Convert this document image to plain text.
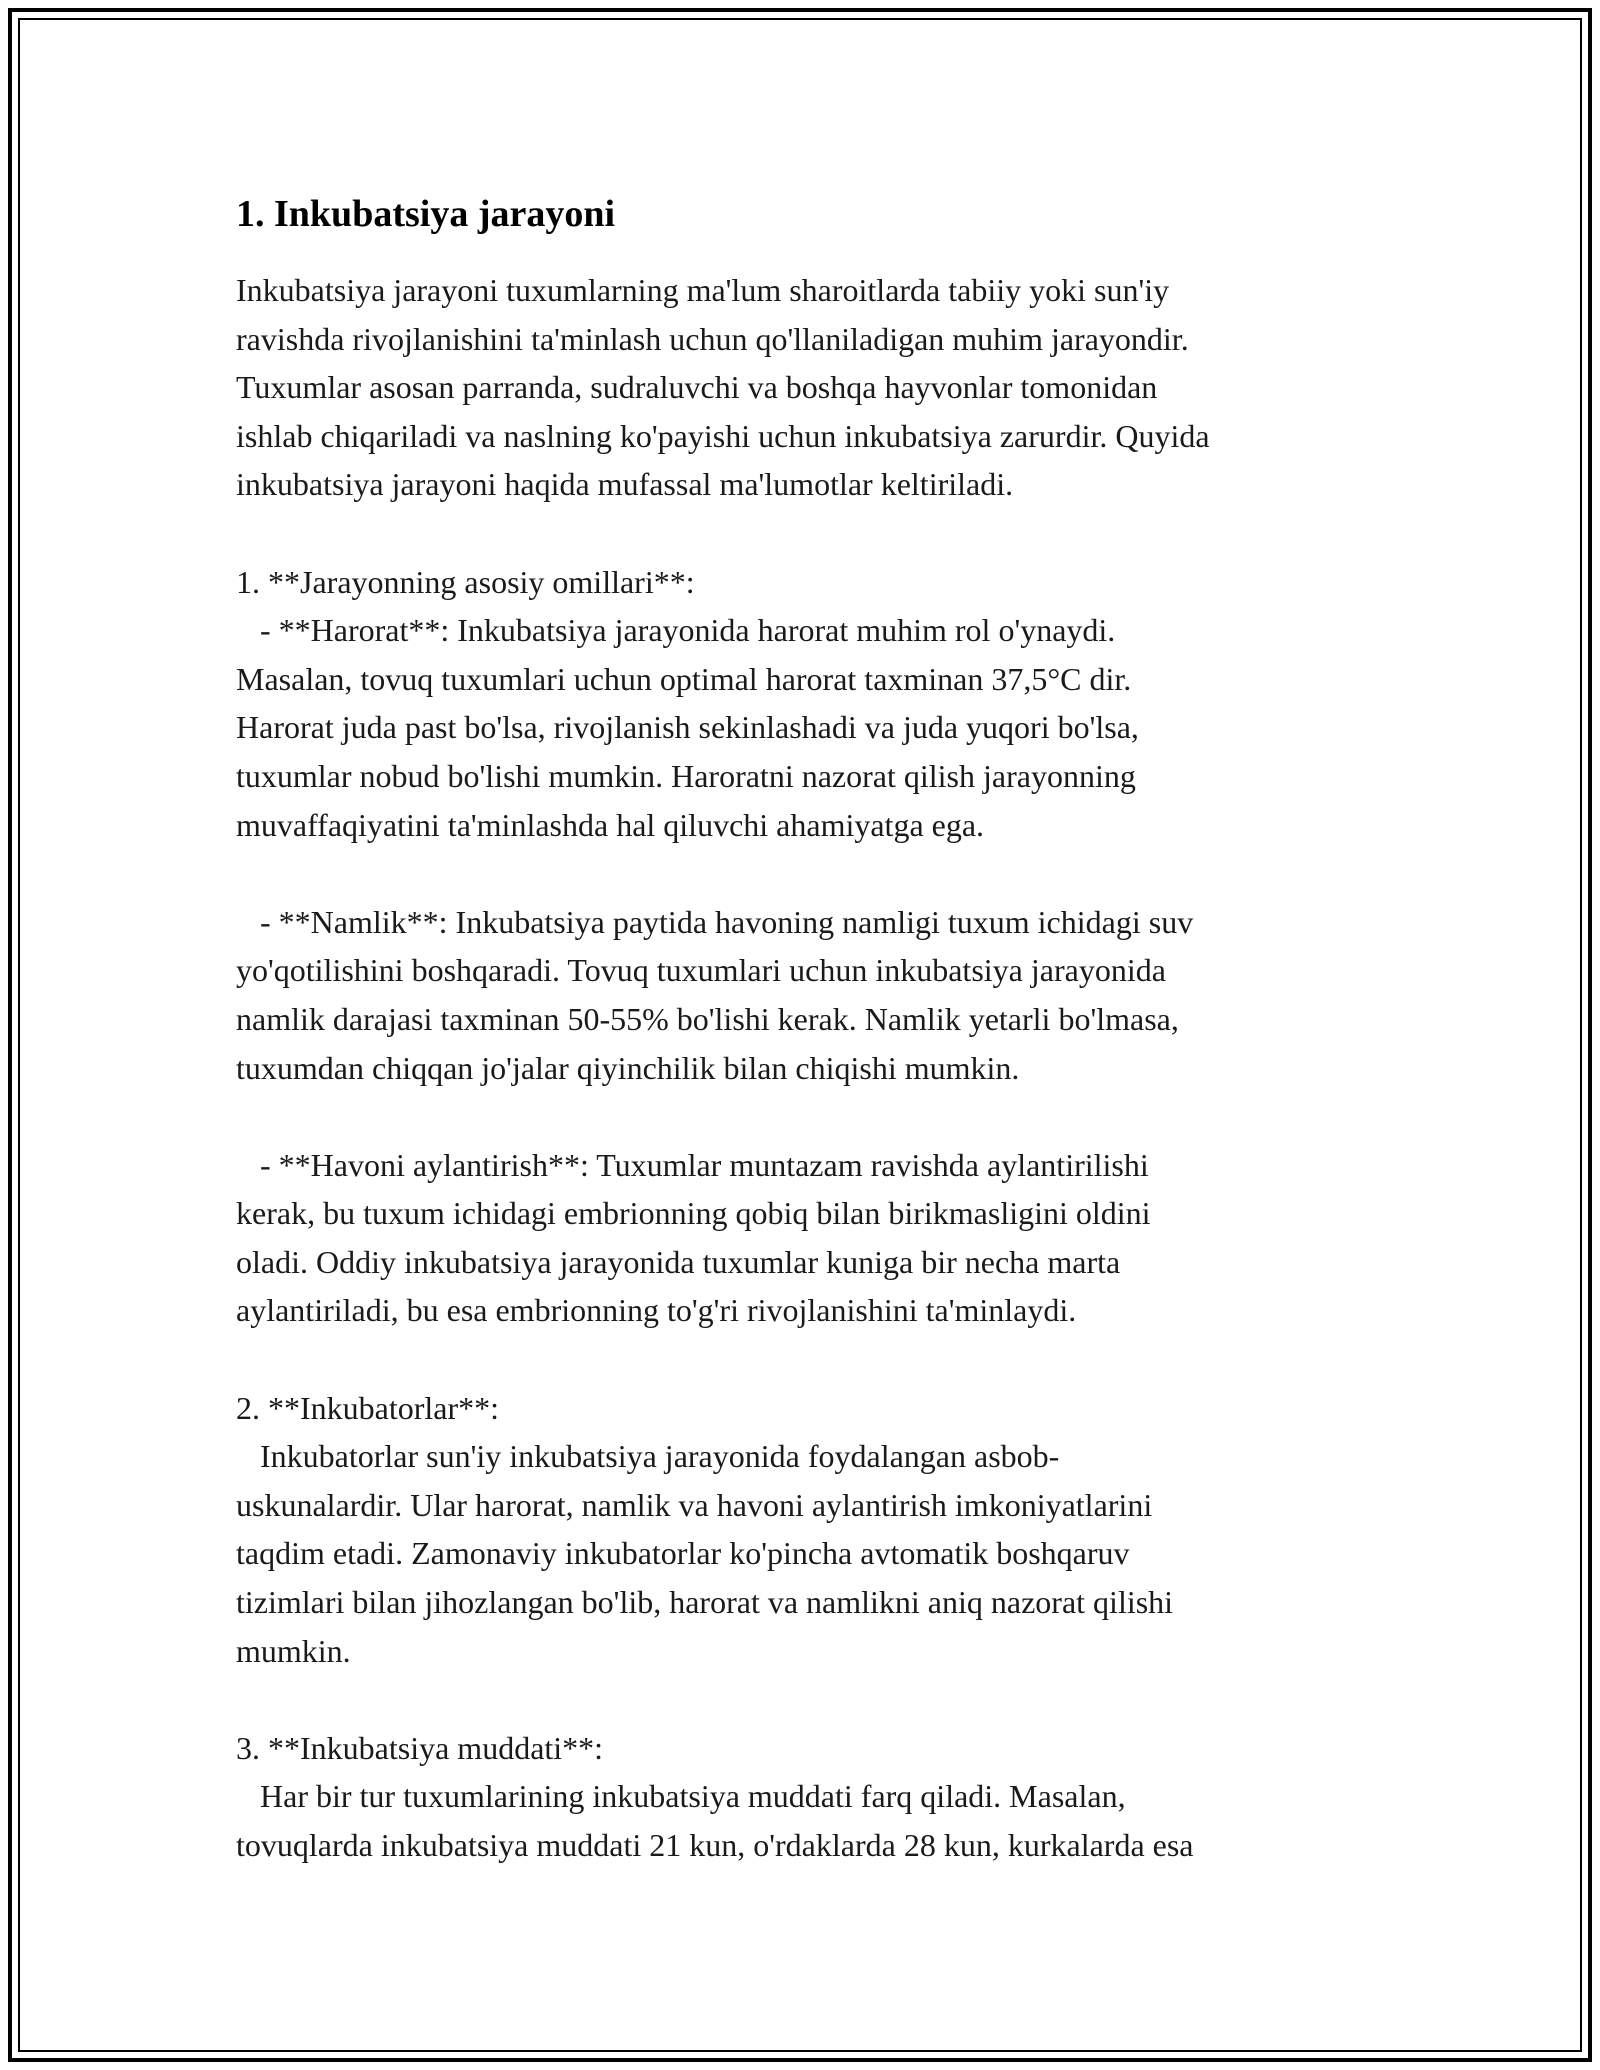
1. Inkubatsiya jarayoni

Inkubatsiya jarayoni tuxumlarning ma'lum sharoitlarda tabiiy yoki sun'iy
ravishda rivojlanishini ta'minlash uchun qo'llaniladigan muhim jarayondir.
Tuxumlar asosan parranda, sudraluvchi va boshqa hayvonlar tomonidan
ishlab chiqariladi va naslning ko'payishi uchun inkubatsiya zarurdir. Quyida
inkubatsiya jarayoni haqida mufassal ma'lumotlar keltiriladi.

1. **Jarayonning asosiy omillari**:
- **Harorat**: Inkubatsiya jarayonida harorat muhim rol o'ynaydi.
Masalan, tovuq tuxumlari uchun optimal harorat taxminan 37,5°C dir.
Harorat juda past bo'lsa, rivojlanish sekinlashadi va juda yuqori bo'lsa,
tuxumlar nobud bo'lishi mumkin. Haroratni nazorat qilish jarayonning
muvaffaqiyatini ta'minlashda hal qiluvchi ahamiyatga ega.

- **Namlik**: Inkubatsiya paytida havoning namligi tuxum ichidagi suv
yo'qotilishini boshqaradi. Tovuq tuxumlari uchun inkubatsiya jarayonida
namlik darajasi taxminan 50-55% bo'lishi kerak. Namlik yetarli bo'lmasa,
tuxumdan chiqqan jo'jalar qiyinchilik bilan chiqishi mumkin.

- **Havoni aylantirish**: Tuxumlar muntazam ravishda aylantirilishi
kerak, bu tuxum ichidagi embrionning qobiq bilan birikmasligini oldini
oladi. Oddiy inkubatsiya jarayonida tuxumlar kuniga bir necha marta
aylantiriladi, bu esa embrionning to'g'ri rivojlanishini ta'minlaydi.

2. **Inkubatorlar**:
Inkubatorlar sun'iy inkubatsiya jarayonida foydalangan asbob-
uskunalardir. Ular harorat, namlik va havoni aylantirish imkoniyatlarini
taqdim etadi. Zamonaviy inkubatorlar ko'pincha avtomatik boshqaruv
tizimlari bilan jihozlangan bo'lib, harorat va namlikni aniq nazorat qilishi
mumkin.

3. **Inkubatsiya muddati**:
Har bir tur tuxumlarining inkubatsiya muddati farq qiladi. Masalan,
tovuqlarda inkubatsiya muddati 21 kun, o'rdaklarda 28 kun, kurkalarda esa
